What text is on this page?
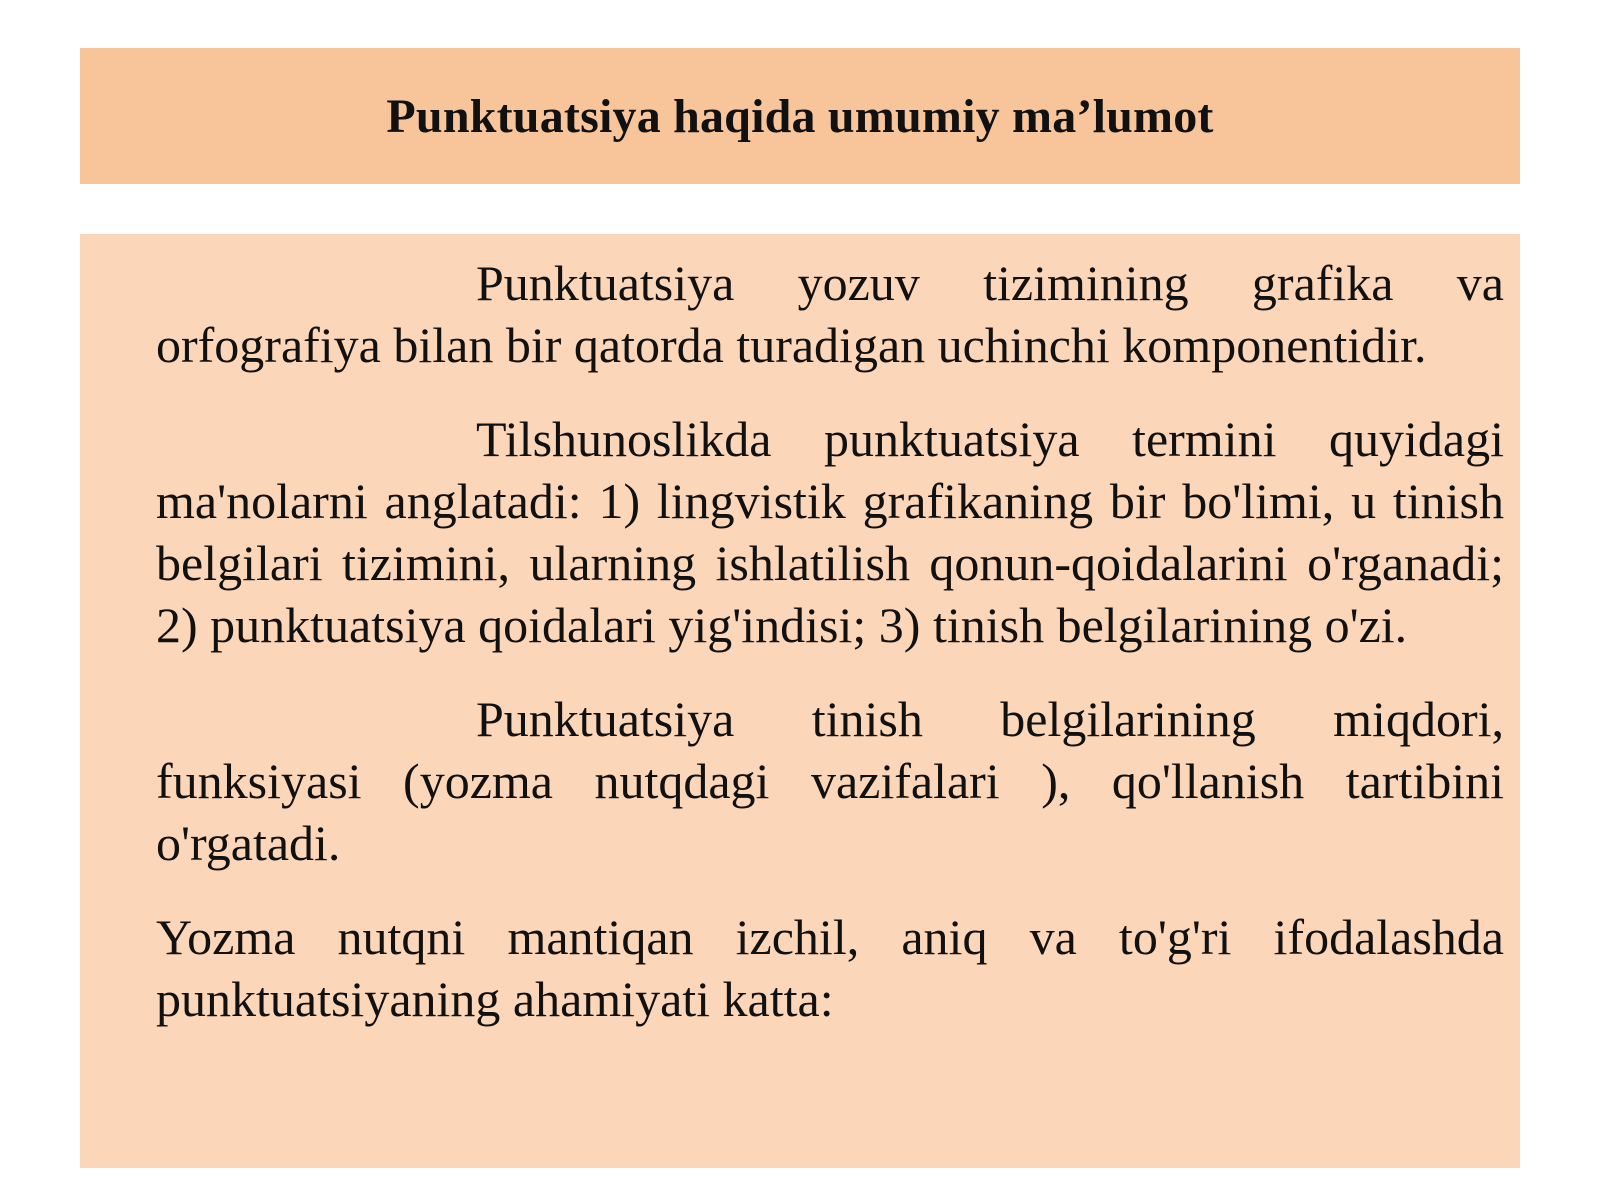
Punktuatsiya haqida umumiy ma’lumot

Punktuatsiya yozuv tizimining grafika va orfografiya bilan bir qatorda turadigan uchinchi komponentidir.

Tilshunoslikda punktuatsiya termini quyidagi ma'nolarni anglatadi: 1) lingvistik grafikaning bir bo'limi, u tinish belgilari tizimini, ularning ishlatilish qonun-qoidalarini o'rganadi; 2) punktuatsiya qoidalari yig'indisi; 3) tinish belgilarining o'zi.

Punktuatsiya tinish belgilarining miqdori, funksiyasi (yozma nutqdagi vazifalari ), qo'llanish tartibini o'rgatadi.

Yozma nutqni mantiqan izchil, aniq va to'g'ri ifodalashda punktuatsiyaning ahamiyati katta:
